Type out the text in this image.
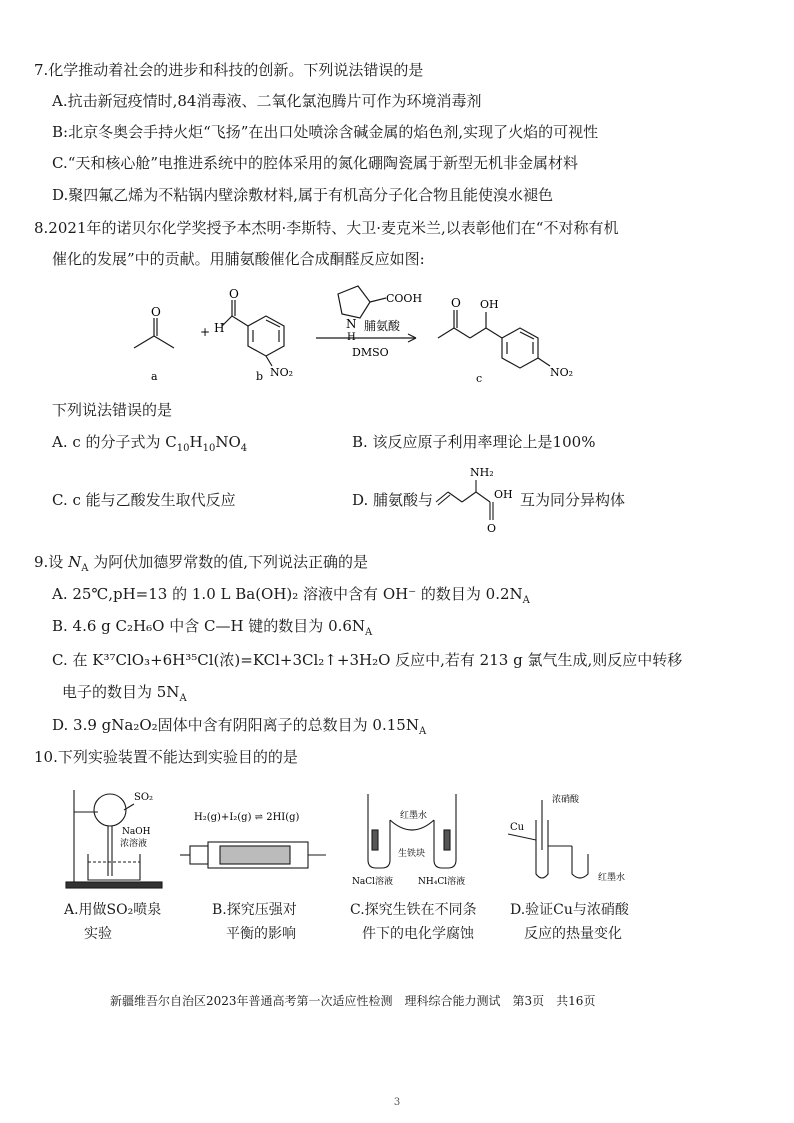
7.化学推动着社会的进步和科技的创新。下列说法错误的是
A.抗击新冠疫情时,84消毒液、二氧化氯泡腾片可作为环境消毒剂
B:北京冬奥会手持火炬“飞扬”在出口处喷涂含碱金属的焰色剂,实现了火焰的可视性
C.“天和核心舱”电推进系统中的腔体采用的氮化硼陶瓷属于新型无机非金属材料
D.聚四氟乙烯为不粘锅内壁涂敷材料,属于有机高分子化合物且能使溴水褪色
8.2021年的诺贝尔化学奖授予本杰明·李斯特、大卫·麦克米兰,以表彰他们在“不对称有机
催化的发展”中的贡献。用脯氨酸催化合成酮醛反应如图:
O
a
+ H
O
NO₂
b
N
H
COOH
脯氨酸
DMSO
O OH
NO₂
c
下列说法错误的是
A. c 的分子式为 $C_{10}H_{10}NO_4$	B. 该反应原子利用率理论上是100%
C. c 能与乙酸发生取代反应	D. 脯氨酸与
NH₂
OH
O
互为同分异构体
9.设 $N_A$ 为阿伏加德罗常数的值,下列说法正确的是
A. 25℃,pH=13 的 1.0 L Ba(OH)₂ 溶液中含有 OH⁻ 的数目为 $0.2N_A$
B. 4.6 g C₂H₆O 中含 C—H 键的数目为 $0.6N_A$
C. 在 K³⁷ClO₃+6H³⁵Cl(浓)=KCl+3Cl₂↑+3H₂O 反应中,若有 213 g 氯气生成,则反应中转移
电子的数目为 $5N_A$
D. 3.9 gNa₂O₂固体中含有阴阳离子的总数目为 $0.15N_A$
10.下列实验装置不能达到实验目的的是
SO₂
NaOH
浓溶液
H₂(g)+I₂(g) ⇌ 2HI(g)	红墨水
生铁块
NaCl溶液	NH₄Cl溶液
浓硝酸
Cu
红墨水
A.用做SO₂喷泉
实验
B.探究压强对
平衡的影响
C.探究生铁在不同条
件下的电化学腐蚀
D.验证Cu与浓硝酸
反应的热量变化
新疆维吾尔自治区2023年普通高考第一次适应性检测　理科综合能力测试　第3页　共16页
3
